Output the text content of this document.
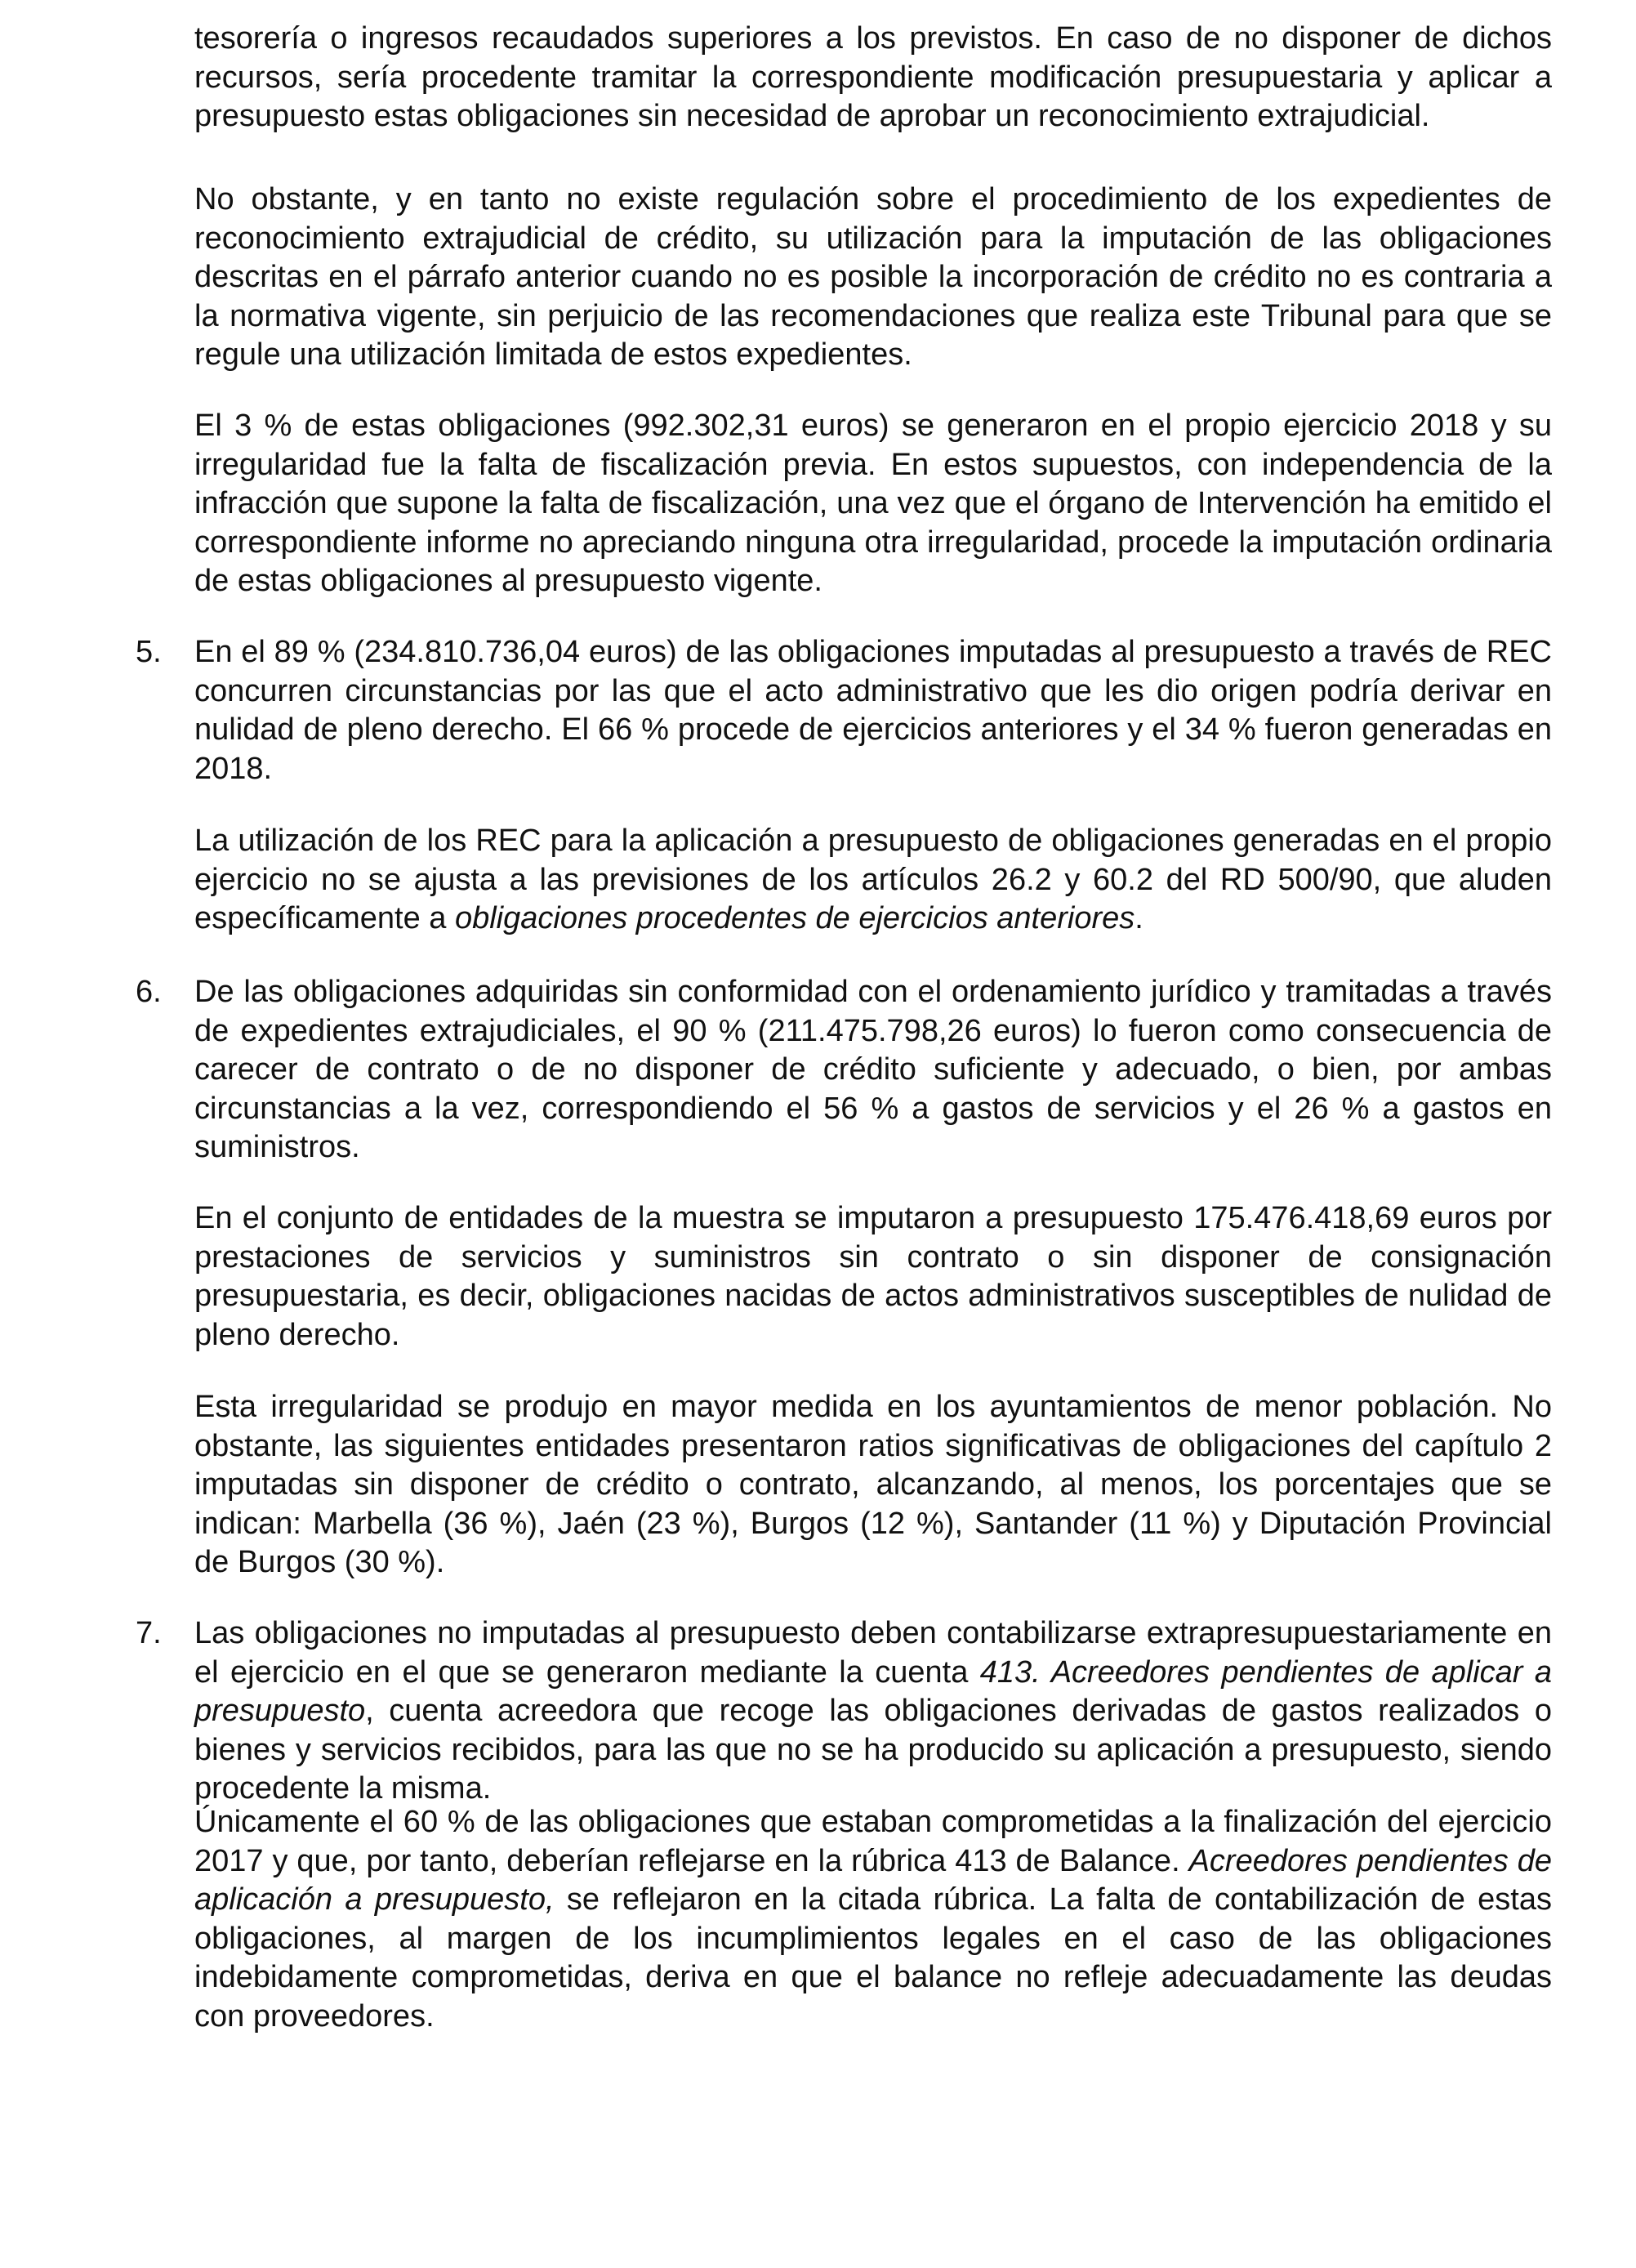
tesorería o ingresos recaudados superiores a los previstos. En caso de no disponer de dichos recursos, sería procedente tramitar la correspondiente modificación presupuestaria y aplicar a presupuesto estas obligaciones sin necesidad de aprobar un reconocimiento extrajudicial.

No obstante, y en tanto no existe regulación sobre el procedimiento de los expedientes de reconocimiento extrajudicial de crédito, su utilización para la imputación de las obligaciones descritas en el párrafo anterior cuando no es posible la incorporación de crédito no es contraria a la normativa vigente, sin perjuicio de las recomendaciones que realiza este Tribunal para que se regule una utilización limitada de estos expedientes.

El 3 % de estas obligaciones (992.302,31 euros) se generaron en el propio ejercicio 2018 y su irregularidad fue la falta de fiscalización previa. En estos supuestos, con independencia de la infracción que supone la falta de fiscalización, una vez que el órgano de Intervención ha emitido el correspondiente informe no apreciando ninguna otra irregularidad, procede la imputación ordinaria de estas obligaciones al presupuesto vigente.

5. En el 89 % (234.810.736,04 euros) de las obligaciones imputadas al presupuesto a través de REC concurren circunstancias por las que el acto administrativo que les dio origen podría derivar en nulidad de pleno derecho. El 66 % procede de ejercicios anteriores y el 34 % fueron generadas en 2018.

La utilización de los REC para la aplicación a presupuesto de obligaciones generadas en el propio ejercicio no se ajusta a las previsiones de los artículos 26.2 y 60.2 del RD 500/90, que aluden específicamente a obligaciones procedentes de ejercicios anteriores.

6. De las obligaciones adquiridas sin conformidad con el ordenamiento jurídico y tramitadas a través de expedientes extrajudiciales, el 90 % (211.475.798,26 euros) lo fueron como consecuencia de carecer de contrato o de no disponer de crédito suficiente y adecuado, o bien, por ambas circunstancias a la vez, correspondiendo el 56 % a gastos de servicios y el 26 % a gastos en suministros.

En el conjunto de entidades de la muestra se imputaron a presupuesto 175.476.418,69 euros por prestaciones de servicios y suministros sin contrato o sin disponer de consignación presupuestaria, es decir, obligaciones nacidas de actos administrativos susceptibles de nulidad de pleno derecho.

Esta irregularidad se produjo en mayor medida en los ayuntamientos de menor población. No obstante, las siguientes entidades presentaron ratios significativas de obligaciones del capítulo 2 imputadas sin disponer de crédito o contrato, alcanzando, al menos, los porcentajes que se indican: Marbella (36 %), Jaén (23 %), Burgos (12 %), Santander (11 %) y Diputación Provincial de Burgos (30 %).

7. Las obligaciones no imputadas al presupuesto deben contabilizarse extrapresupuestariamente en el ejercicio en el que se generaron mediante la cuenta 413. Acreedores pendientes de aplicar a presupuesto, cuenta acreedora que recoge las obligaciones derivadas de gastos realizados o bienes y servicios recibidos, para las que no se ha producido su aplicación a presupuesto, siendo procedente la misma.

Únicamente el 60 % de las obligaciones que estaban comprometidas a la finalización del ejercicio 2017 y que, por tanto, deberían reflejarse en la rúbrica 413 de Balance. Acreedores pendientes de aplicación a presupuesto, se reflejaron en la citada rúbrica. La falta de contabilización de estas obligaciones, al margen de los incumplimientos legales en el caso de las obligaciones indebidamente comprometidas, deriva en que el balance no refleje adecuadamente las deudas con proveedores.
